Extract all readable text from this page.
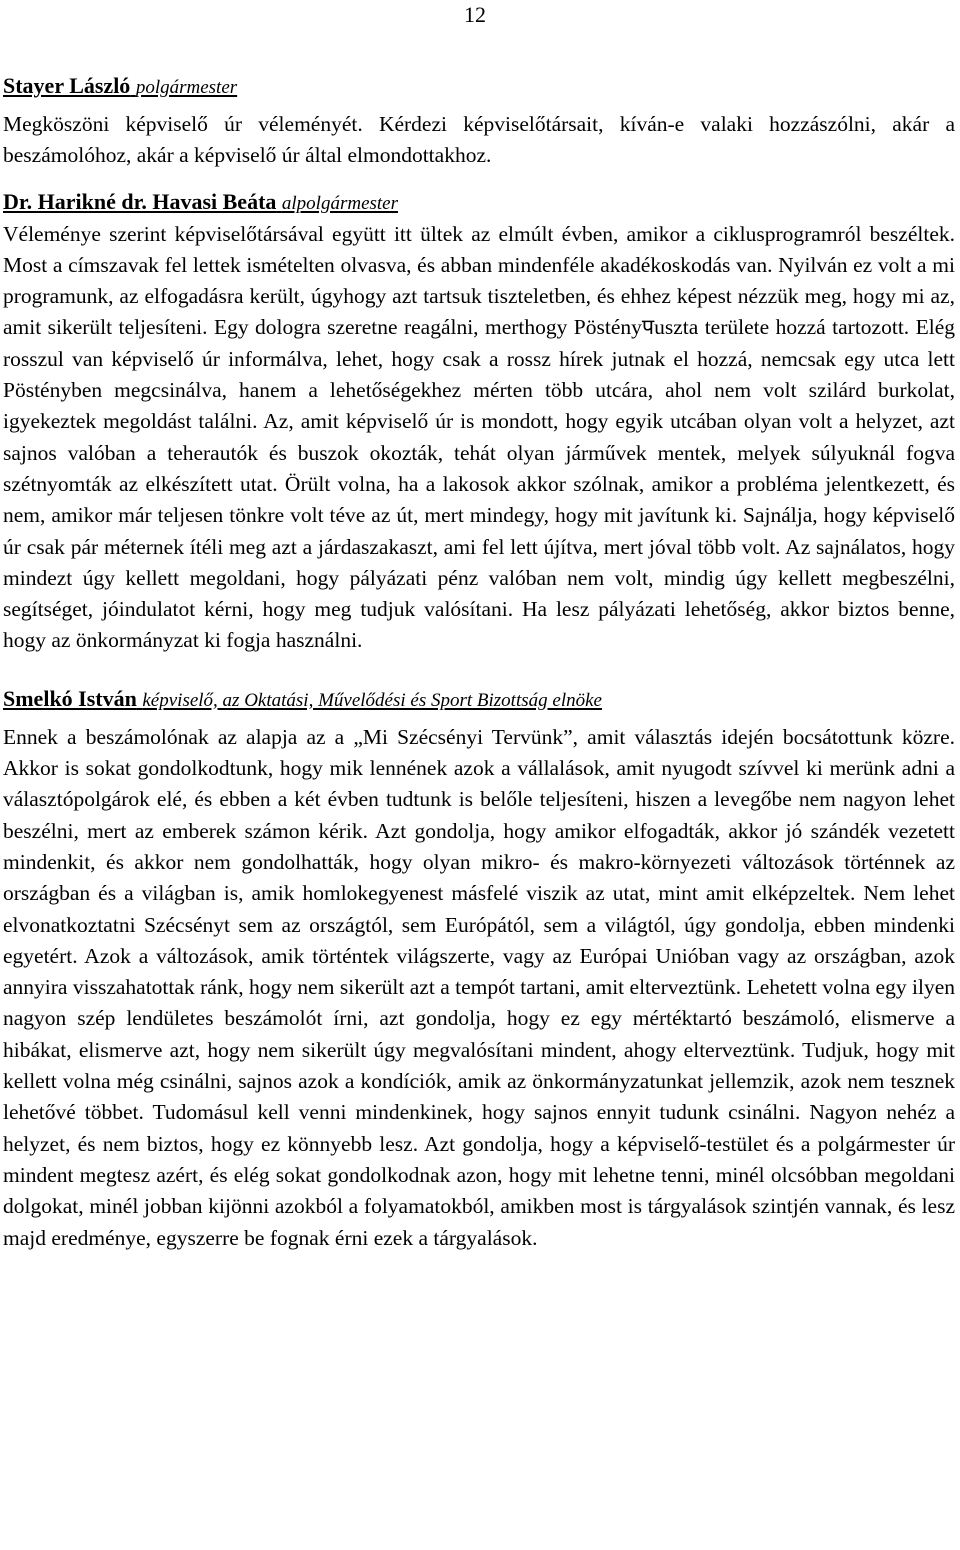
12

Stayer László polgármester

Megköszöni képviselő úr véleményét. Kérdezi képviselőtársait, kíván-e valaki hozzászólni, akár a beszámolóhoz, akár a képviselő úr által elmondottakhoz.

Dr. Harikné dr. Havasi Beáta alpolgármester

Véleménye szerint képviselőtársával együtt itt ültek az elmúlt évben, amikor a ciklusprogramról beszéltek. Most a címszavak fel lettek ismételten olvasva, és abban mindenféle akadékoskodás van. Nyilván ez volt a mi programunk, az elfogadásra került, úgyhogy azt tartsuk tiszteletben, és ehhez képest nézzük meg, hogy mi az, amit sikerült teljesíteni. Egy dologra szeretne reagálni, merthogy Pöstényपuszta területe hozzá tartozott. Elég rosszul van képviselő úr informálva, lehet, hogy csak a rossz hírek jutnak el hozzá, nemcsak egy utca lett Pöstényben megcsinálva, hanem a lehetőségekhez mérten több utcára, ahol nem volt szilárd burkolat, igyekeztek megoldást találni. Az, amit képviselő úr is mondott, hogy egyik utcában olyan volt a helyzet, azt sajnos valóban a teherautók és buszok okozták, tehát olyan járművek mentek, melyek súlyuknál fogva szétnyomták az elkészített utat. Örült volna, ha a lakosok akkor szólnak, amikor a probléma jelentkezett, és nem, amikor már teljesen tönkre volt téve az út, mert mindegy, hogy mit javítunk ki. Sajnálja, hogy képviselő úr csak pár méternek ítéli meg azt a járdaszakaszt, ami fel lett újítva, mert jóval több volt. Az sajnálatos, hogy mindezt úgy kellett megoldani, hogy pályázati pénz valóban nem volt, mindig úgy kellett megbeszélni, segítséget, jóindulatot kérni, hogy meg tudjuk valósítani. Ha lesz pályázati lehetőség, akkor biztos benne, hogy az önkormányzat ki fogja használni.

Smelkó István képviselő, az Oktatási, Művelődési és Sport Bizottság elnöke

Ennek a beszámolónak az alapja az a „Mi Szécsényi Tervünk”, amit választás idején bocsátottunk közre. Akkor is sokat gondolkodtunk, hogy mik lennének azok a vállalások, amit nyugodt szívvel ki merünk adni a választópolgárok elé, és ebben a két évben tudtunk is belőle teljesíteni, hiszen a levegőbe nem nagyon lehet beszélni, mert az emberek számon kérik. Azt gondolja, hogy amikor elfogadták, akkor jó szándék vezetett mindenkit, és akkor nem gondolhatták, hogy olyan mikro- és makro-környezeti változások történnek az országban és a világban is, amik homlokegyenest másfelé viszik az utat, mint amit elképzeltek. Nem lehet elvonatkoztatni Szécsényt sem az országtól, sem Európától, sem a világtól, úgy gondolja, ebben mindenki egyetért. Azok a változások, amik történtek világszerte, vagy az Európai Unióban vagy az országban, azok annyira visszahatottak ránk, hogy nem sikerült azt a tempót tartani, amit elterveztünk. Lehetett volna egy ilyen nagyon szép lendületes beszámolót írni, azt gondolja, hogy ez egy mértéktartó beszámoló, elismerve a hibákat, elismerve azt, hogy nem sikerült úgy megvalósítani mindent, ahogy elterveztünk. Tudjuk, hogy mit kellett volna még csinálni, sajnos azok a kondíciók, amik az önkormányzatunkat jellemzik, azok nem tesznek lehetővé többet. Tudomásul kell venni mindenkinek, hogy sajnos ennyit tudunk csinálni. Nagyon nehéz a helyzet, és nem biztos, hogy ez könnyebb lesz. Azt gondolja, hogy a képviselő-testület és a polgármester úr mindent megtesz azért, és elég sokat gondolkodnak azon, hogy mit lehetne tenni, minél olcsóbban megoldani dolgokat, minél jobban kijönni azokból a folyamatokból, amikben most is tárgyalások szintjén vannak, és lesz majd eredménye, egyszerre be fognak érni ezek a tárgyalások.
